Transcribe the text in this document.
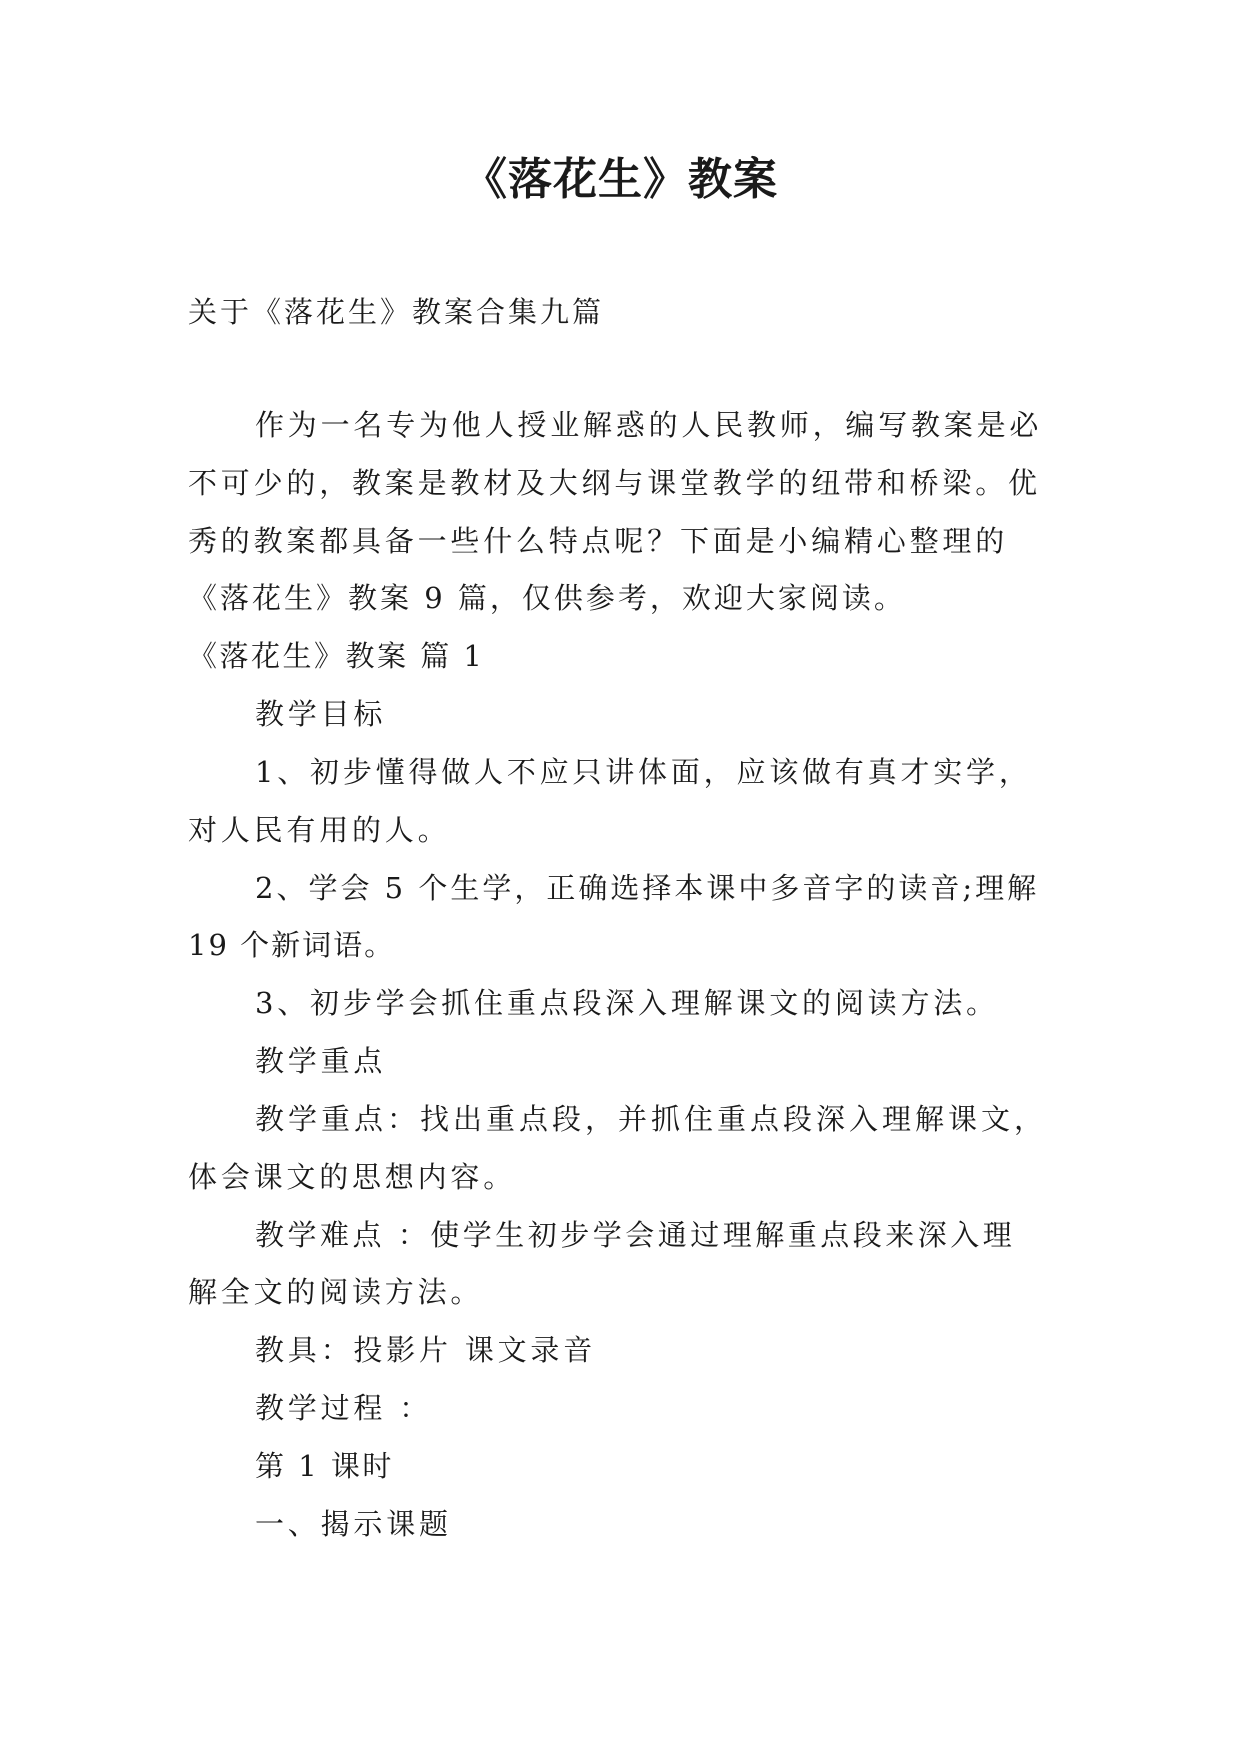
《落花生》教案
关于《落花生》教案合集九篇
作为一名专为他人授业解惑的人民教师，编写教案是必
不可少的，教案是教材及大纲与课堂教学的纽带和桥梁。优
秀的教案都具备一些什么特点呢？下面是小编精心整理的
《落花生》教案 9 篇，仅供参考，欢迎大家阅读。
《落花生》教案 篇 1
教学目标
1、初步懂得做人不应只讲体面，应该做有真才实学，
对人民有用的人。
2、学会 5 个生学，正确选择本课中多音字的读音;理解
19 个新词语。
3、初步学会抓住重点段深入理解课文的阅读方法。
教学重点
教学重点：找出重点段，并抓住重点段深入理解课文，
体会课文的思想内容。
教学难点 ：使学生初步学会通过理解重点段来深入理
解全文的阅读方法。
教具：投影片 课文录音
教学过程 ：
第 1 课时
一、揭示课题
